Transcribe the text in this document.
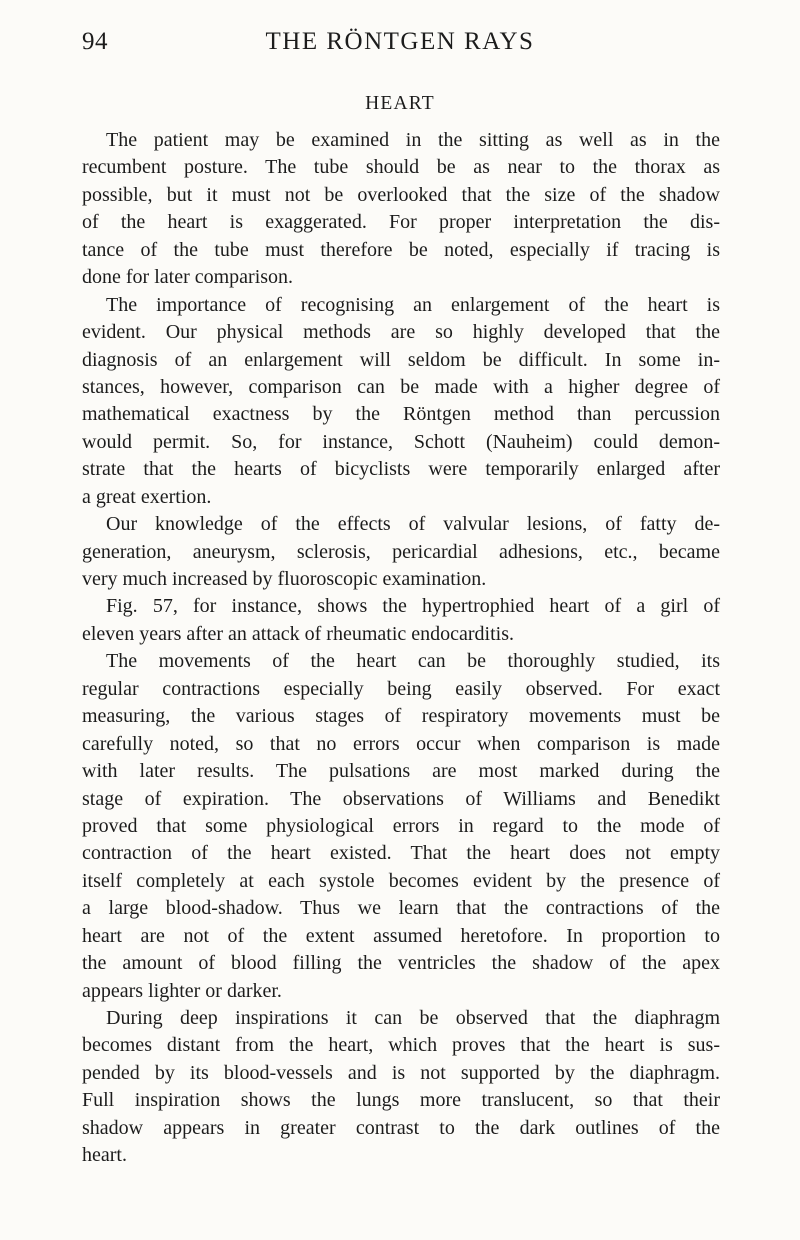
94	THE RÖNTGEN RAYS
HEART
The patient may be examined in the sitting as well as in the
recumbent posture. The tube should be as near to the thorax as
possible, but it must not be overlooked that the size of the shadow
of the heart is exaggerated. For proper interpretation the dis-
tance of the tube must therefore be noted, especially if tracing is
done for later comparison.
The importance of recognising an enlargement of the heart is
evident. Our physical methods are so highly developed that the
diagnosis of an enlargement will seldom be difficult. In some in-
stances, however, comparison can be made with a higher degree of
mathematical exactness by the Röntgen method than percussion
would permit. So, for instance, Schott (Nauheim) could demon-
strate that the hearts of bicyclists were temporarily enlarged after
a great exertion.
Our knowledge of the effects of valvular lesions, of fatty de-
generation, aneurysm, sclerosis, pericardial adhesions, etc., became
very much increased by fluoroscopic examination.
Fig. 57, for instance, shows the hypertrophied heart of a girl of
eleven years after an attack of rheumatic endocarditis.
The movements of the heart can be thoroughly studied, its
regular contractions especially being easily observed. For exact
measuring, the various stages of respiratory movements must be
carefully noted, so that no errors occur when comparison is made
with later results. The pulsations are most marked during the
stage of expiration. The observations of Williams and Benedikt
proved that some physiological errors in regard to the mode of
contraction of the heart existed. That the heart does not empty
itself completely at each systole becomes evident by the presence of
a large blood-shadow. Thus we learn that the contractions of the
heart are not of the extent assumed heretofore. In proportion to
the amount of blood filling the ventricles the shadow of the apex
appears lighter or darker.
During deep inspirations it can be observed that the diaphragm
becomes distant from the heart, which proves that the heart is sus-
pended by its blood-vessels and is not supported by the diaphragm.
Full inspiration shows the lungs more translucent, so that their
shadow appears in greater contrast to the dark outlines of the
heart.
